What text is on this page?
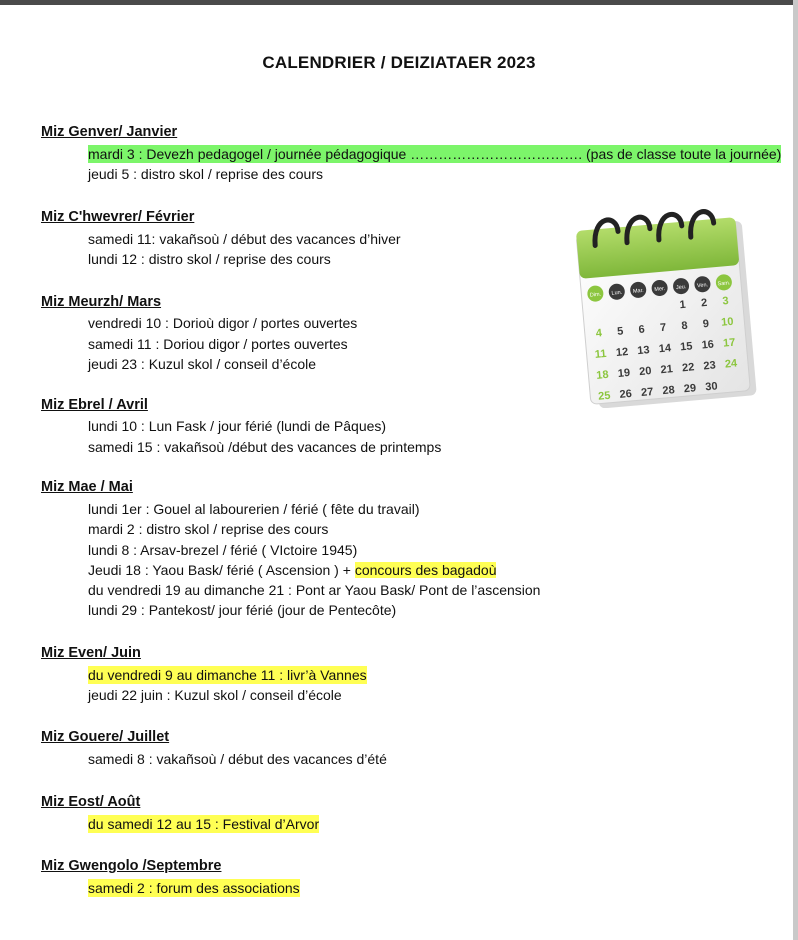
CALENDRIER / DEIZIATAER 2023
Miz Genver/ Janvier
mardi 3 : Devezh pedagogel / journée pédagogique ………………………………. (pas de classe toute la journée)
jeudi 5 : distro skol / reprise des cours
Miz C'hwevrer/ Février
samedi 11: vakañsoù / début des vacances d’hiver
lundi 12 : distro skol / reprise des cours
Miz Meurzh/ Mars
vendredi 10 : Dorioù digor / portes ouvertes
samedi 11 : Doriou digor / portes ouvertes
jeudi 23 : Kuzul skol / conseil d’école
Miz Ebrel / Avril
lundi 10 : Lun Fask / jour férié (lundi de Pâques)
samedi 15 : vakañsoù /début des vacances de printemps
Miz Mae / Mai
lundi 1er : Gouel al labourerien / férié ( fête du travail)
mardi 2 : distro skol / reprise des cours
lundi 8 : Arsav-brezel / férié ( VIctoire 1945)
Jeudi 18 : Yaou Bask/ férié ( Ascension ) + concours des bagadoù
du vendredi 19 au dimanche 21 : Pont ar Yaou Bask/ Pont de l’ascension
lundi 29 : Pantekost/ jour férié (jour de Pentecôte)
Miz Even/ Juin
du vendredi 9 au dimanche 11 : livr’à Vannes
jeudi 22 juin : Kuzul skol / conseil d’école
Miz Gouere/ Juillet
samedi 8 : vakañsoù / début des vacances d’été
Miz Eost/ Août
du samedi 12 au 15 : Festival d’Arvor
Miz Gwengolo /Septembre
samedi 2 : forum des associations
Dim. Lun. Mar. Mer. Jeu. Ven. Sam.
1 2 3
4 5 6 7 8 9 10
11 12 13 14 15 16 17
18 19 20 21 22 23 24
25 26 27 28 29 30
